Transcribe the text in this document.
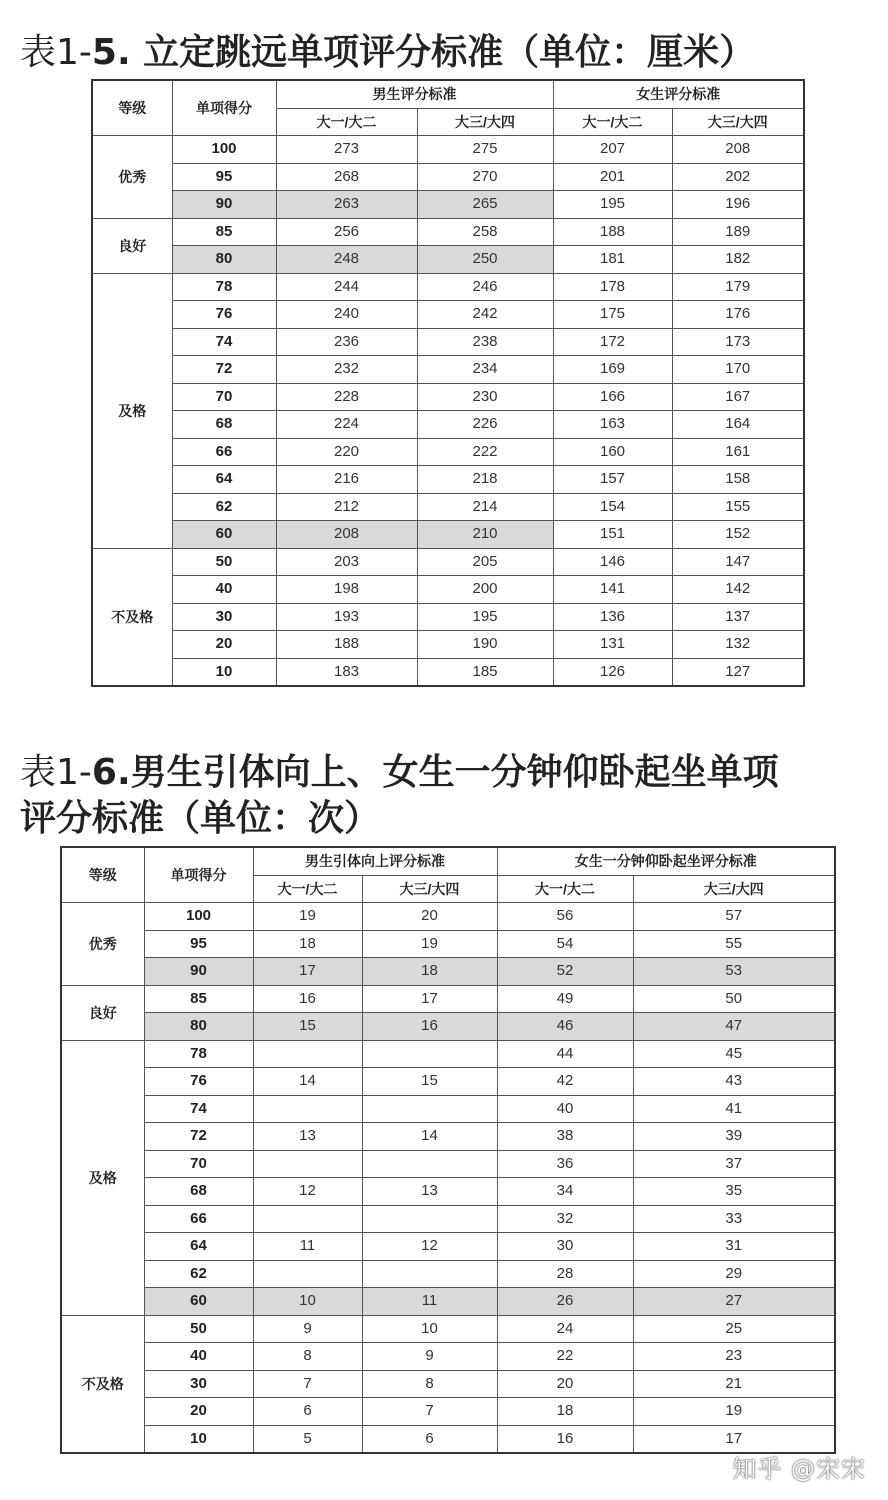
表1-5. 立定跳远单项评分标准（单位：厘米）
等级	单项得分	男生评分标准		女生评分标准	
		大一/大二	大三/大四	大一/大二	大三/大四
优秀	100	273	275	207	208
	95	268	270	201	202
	90	263	265	195	196
良好	85	256	258	188	189
	80	248	250	181	182
及格	78	244	246	178	179
	76	240	242	175	176
	74	236	238	172	173
	72	232	234	169	170
	70	228	230	166	167
	68	224	226	163	164
	66	220	222	160	161
	64	216	218	157	158
	62	212	214	154	155
	60	208	210	151	152
不及格	50	203	205	146	147
	40	198	200	141	142
	30	193	195	136	137
	20	188	190	131	132
	10	183	185	126	127
表1-6.男生引体向上、女生一分钟仰卧起坐单项
评分标准（单位：次）
等级	单项得分	男生引体向上评分标准		女生一分钟仰卧起坐评分标准	
		大一/大二	大三/大四	大一/大二	大三/大四
优秀	100	19	20	56	57
	95	18	19	54	55
	90	17	18	52	53
良好	85	16	17	49	50
	80	15	16	46	47
及格	78			44	45
	76	14	15	42	43
	74			40	41
	72	13	14	38	39
	70			36	37
	68	12	13	34	35
	66			32	33
	64	11	12	30	31
	62			28	29
	60	10	11	26	27
不及格	50	9	10	24	25
	40	8	9	22	23
	30	7	8	20	21
	20	6	7	18	19
	10	5	6	16	17
知乎 @宋宋
